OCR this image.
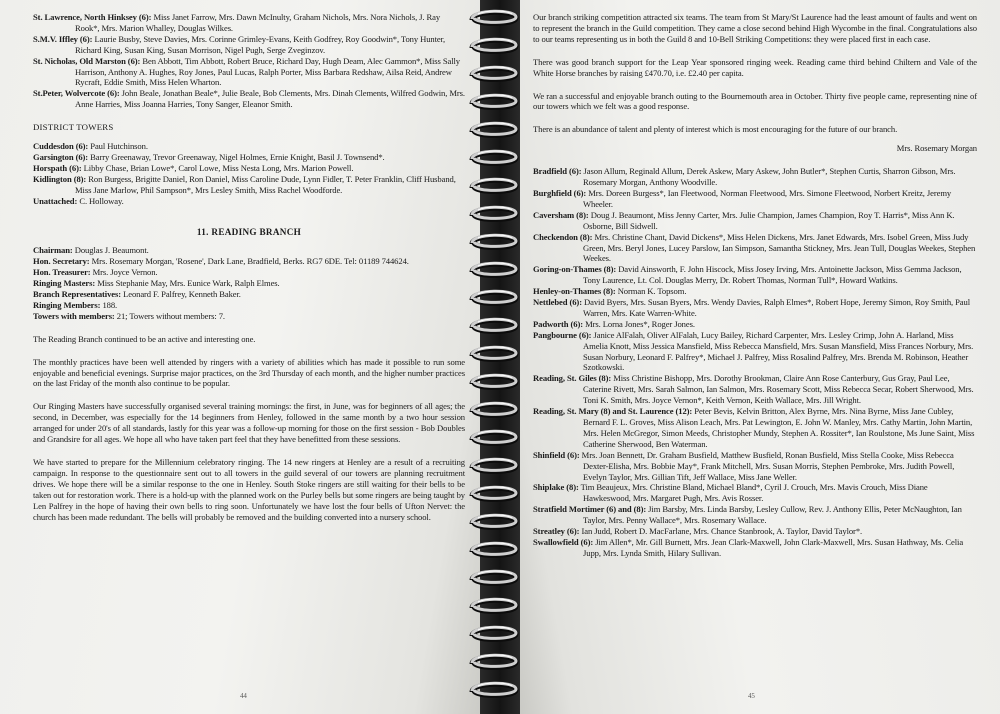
St. Lawrence, North Hinksey (6): Miss Janet Farrow, Mrs. Dawn McInulty, Graham Nichols, Mrs. Nora Nichols, J. Ray Rook*, Mrs. Marion Whalley, Douglas Wilkes.

S.M.V. Iffley (6): Laurie Busby, Steve Davies, Mrs. Corinne Grimley-Evans, Keith Godfrey, Roy Goodwin*, Tony Hunter, Richard King, Susan King, Susan Morrison, Nigel Pugh, Serge Zveginzov.

St. Nicholas, Old Marston (6): Ben Abbott, Tim Abbott, Robert Bruce, Richard Day, Hugh Deam, Alec Gammon*, Miss Sally Harrison, Anthony A. Hughes, Roy Jones, Paul Lucas, Ralph Porter, Miss Barbara Redshaw, Ailsa Reid, Andrew Rycraft, Eddie Smith, Miss Helen Wharton.

St.Peter, Wolvercote (6): John Beale, Jonathan Beale*, Julie Beale, Bob Clements, Mrs. Dinah Clements, Wilfred Godwin, Mrs. Anne Harries, Miss Joanna Harries, Tony Sanger, Eleanor Smith.

DISTRICT TOWERS

Cuddesdon (6): Paul Hutchinson.

Garsington (6): Barry Greenaway, Trevor Greenaway, Nigel Holmes, Ernie Knight, Basil J. Townsend*.

Horspath (6): Libby Chase, Brian Lowe*, Carol Lowe, Miss Nesta Long, Mrs. Marion Powell.

Kidlington (8): Ron Burgess, Brigitte Daniel, Ron Daniel, Miss Caroline Dude, Lynn Fidler, T. Peter Franklin, Cliff Husband, Miss Jane Marlow, Phil Sampson*, Mrs Lesley Smith, Miss Rachel Woodforde.

Unattached: C. Holloway.

11. READING BRANCH

Chairman: Douglas J. Beaumont.

Hon. Secretary: Mrs. Rosemary Morgan, 'Rosene', Dark Lane, Bradfield, Berks. RG7 6DE. Tel: 01189 744624.

Hon. Treasurer: Mrs. Joyce Vernon.

Ringing Masters: Miss Stephanie May, Mrs. Eunice Wark, Ralph Elmes.

Branch Representatives: Leonard F. Palfrey, Kenneth Baker.

Ringing Members: 188.

Towers with members: 21; Towers without members: 7.

The Reading Branch continued to be an active and interesting one.

The monthly practices have been well attended by ringers with a variety of abilities which has made it possible to run some enjoyable and beneficial evenings. Surprise major practices, on the 3rd Thursday of each month, and the higher number practices on the last Friday of the month also continue to be popular.

Our Ringing Masters have successfully organised several training mornings: the first, in June, was for beginners of all ages; the second, in December, was especially for the 14 beginners from Henley, followed in the same month by a two hour session arranged for under 20's of all standards, lastly for this year was a follow-up morning for those on the first session - Bob Doubles and Grandsire for all ages. We hope all who have taken part feel that they have benefitted from these sessions.

We have started to prepare for the Millennium celebratory ringing. The 14 new ringers at Henley are a result of a recruiting campaign. In response to the questionnaire sent out to all towers in the guild several of our towers are planning recruitment drives. We hope there will be a similar response to the one in Henley. South Stoke ringers are still waiting for their bells to be taken out for restoration work. There is a hold-up with the planned work on the Purley bells but some ringers are being taught by Len Palfrey in the hope of having their own bells to ring soon. Unfortunately we have lost the four bells of Ufton Nervet: the church has been made redundant. The bells will probably be removed and the building converted into a nursery school.

44

Our branch striking competition attracted six teams. The team from St Mary/St Laurence had the least amount of faults and went on to represent the branch in the Guild competition. They came a close second behind High Wycombe in the final. Congratulations also to our teams representing us in both the Guild 8 and 10-Bell Striking Competitions: they were placed first in each case.

There was good branch support for the Leap Year sponsored ringing week. Reading came third behind Chiltern and Vale of the White Horse branches by raising £470.70, i.e. £2.40 per capita.

We ran a successful and enjoyable branch outing to the Bournemouth area in October. Thirty five people came, representing nine of our towers which we felt was a good response.

There is an abundance of talent and plenty of interest which is most encouraging for the future of our branch.

Mrs. Rosemary Morgan

Bradfield (6): Jason Allum, Reginald Allum, Derek Askew, Mary Askew, John Butler*, Stephen Curtis, Sharron Gibson, Mrs. Rosemary Morgan, Anthony Woodville.

Burghfield (6): Mrs. Doreen Burgess*, Ian Fleetwood, Norman Fleetwood, Mrs. Simone Fleetwood, Norbert Kreitz, Jeremy Wheeler.

Caversham (8): Doug J. Beaumont, Miss Jenny Carter, Mrs. Julie Champion, James Champion, Roy T. Harris*, Miss Ann K. Osborne, Bill Sidwell.

Checkendon (8): Mrs. Christine Chant, David Dickens*, Miss Helen Dickens, Mrs. Janet Edwards, Mrs. Isobel Green, Miss Judy Green, Mrs. Beryl Jones, Lucey Parslow, Ian Simpson, Samantha Stickney, Mrs. Jean Tull, Douglas Weekes, Stephen Weekes.

Goring-on-Thames (8): David Ainsworth, F. John Hiscock, Miss Josey Irving, Mrs. Antoinette Jackson, Miss Gemma Jackson, Tony Laurence, Lt. Col. Douglas Merry, Dr. Robert Thomas, Norman Tull*, Howard Watkins.

Henley-on-Thames (8): Norman K. Topsom.

Nettlebed (6): David Byers, Mrs. Susan Byers, Mrs. Wendy Davies, Ralph Elmes*, Robert Hope, Jeremy Simon, Roy Smith, Paul Warren, Mrs. Kate Warren-White.

Padworth (6): Mrs. Lorna Jones*, Roger Jones.

Pangbourne (6): Janice AlFalah, Oliver AlFalah, Lucy Bailey, Richard Carpenter, Mrs. Lesley Crimp, John A. Harland, Miss Amelia Knott, Miss Jessica Mansfield, Miss Rebecca Mansfield, Mrs. Susan Mansfield, Miss Frances Norbury, Mrs. Susan Norbury, Leonard F. Palfrey*, Michael J. Palfrey, Miss Rosalind Palfrey, Mrs. Brenda M. Robinson, Heather Szotkowski.

Reading, St. Giles (8): Miss Christine Bishopp, Mrs. Dorothy Brookman, Claire Ann Rose Canterbury, Gus Gray, Paul Lee, Caterine Rivett, Mrs. Sarah Salmon, Ian Salmon, Mrs. Rosemary Scott, Miss Rebecca Secar, Robert Sherwood, Mrs. Toni K. Smith, Mrs. Joyce Vernon*, Keith Vernon, Keith Wallace, Mrs. Jill Wright.

Reading, St. Mary (8) and St. Laurence (12): Peter Bevis, Kelvin Britton, Alex Byrne, Mrs. Nina Byrne, Miss Jane Cubley, Bernard F. L. Groves, Miss Alison Leach, Mrs. Pat Lewington, E. John W. Manley, Mrs. Cathy Martin, John Martin, Mrs. Helen McGregor, Simon Meeds, Christopher Mundy, Stephen A. Rossiter*, Ian Roulstone, Ms June Saint, Miss Catherine Sherwood, Ben Waterman.

Shinfield (6): Mrs. Joan Bennett, Dr. Graham Busfield, Matthew Busfield, Ronan Busfield, Miss Stella Cooke, Miss Rebecca Dexter-Elisha, Mrs. Bobbie May*, Frank Mitchell, Mrs. Susan Morris, Stephen Pembroke, Mrs. Judith Powell, Evelyn Taylor, Mrs. Gillian Tift, Jeff Wallace, Miss Jane Weller.

Shiplake (8): Tim Beaujeux, Mrs. Christine Bland, Michael Bland*, Cyril J. Crouch, Mrs. Mavis Crouch, Miss Diane Hawkeswood, Mrs. Margaret Pugh, Mrs. Avis Rosser.

Stratfield Mortimer (6) and (8): Jim Barsby, Mrs. Linda Barsby, Lesley Cullow, Rev. J. Anthony Ellis, Peter McNaughton, Ian Taylor, Mrs. Penny Wallace*, Mrs. Rosemary Wallace.

Streatley (6): Ian Judd, Robert D. MacFarlane, Mrs. Chance Stanbrook, A. Taylor, David Taylor*.

Swallowfield (6): Jim Allen*, Mr. Gill Burnett, Mrs. Jean Clark-Maxwell, John Clark-Maxwell, Mrs. Susan Hathway, Ms. Celia Jupp, Mrs. Lynda Smith, Hilary Sullivan.

45
